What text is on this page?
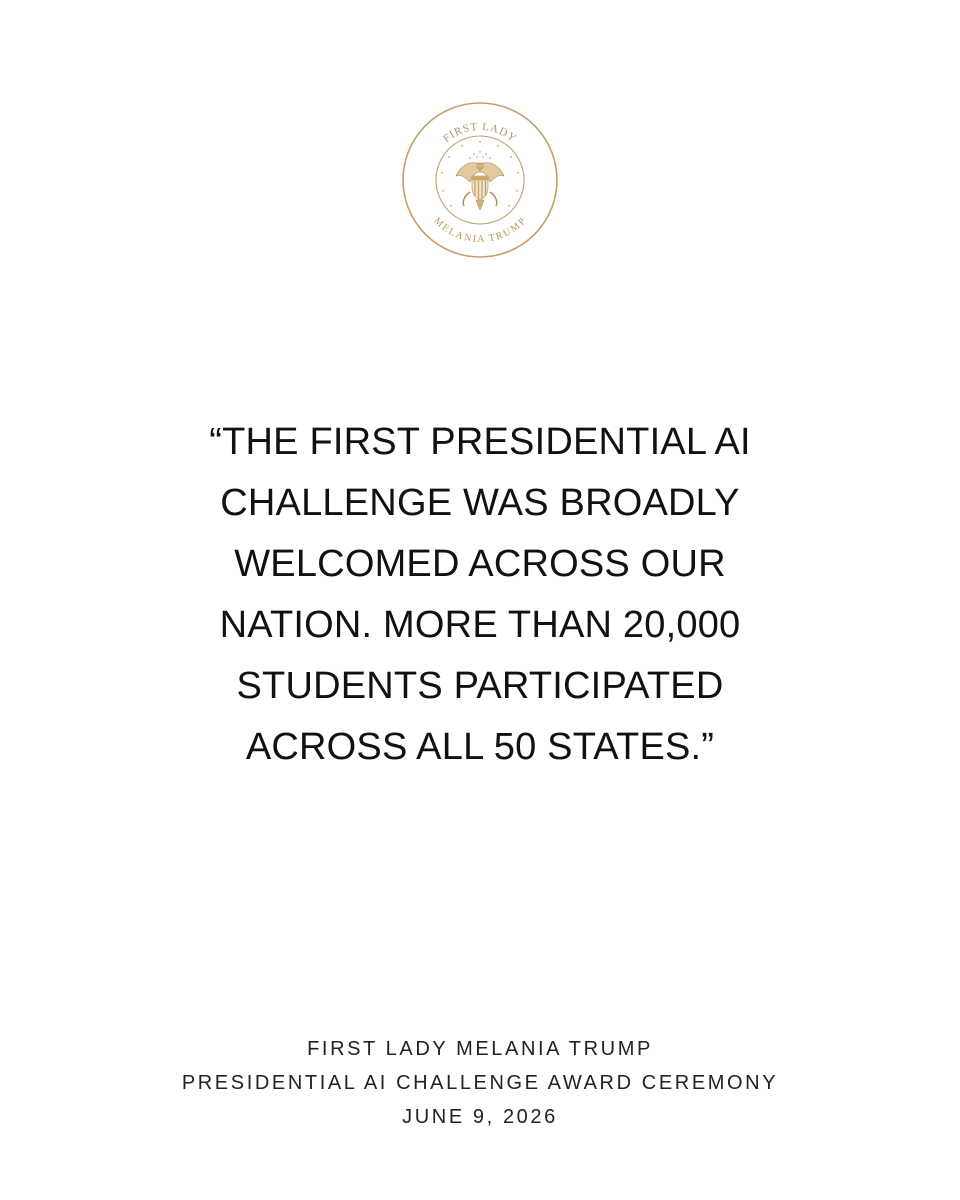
★
★
★
★
★
★
★
★
★
★
★
FIRST LADY
MELANIA TRUMP

“THE FIRST PRESIDENTIAL AI
CHALLENGE WAS BROADLY
WELCOMED ACROSS OUR
NATION. MORE THAN 20,000
STUDENTS PARTICIPATED
ACROSS ALL 50 STATES.”

FIRST LADY MELANIA TRUMP
PRESIDENTIAL AI CHALLENGE AWARD CEREMONY
JUNE 9, 2026
